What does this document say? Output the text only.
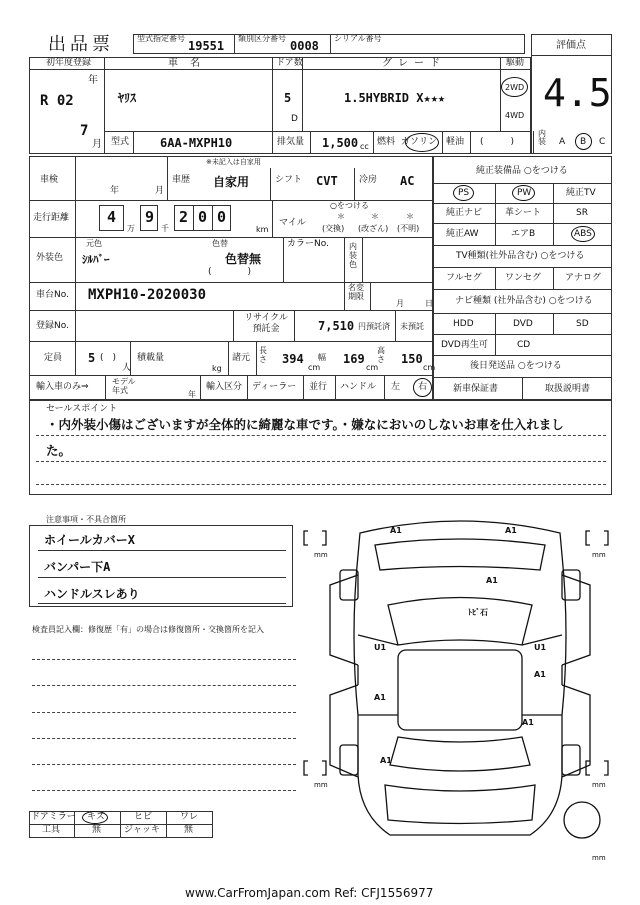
出品票	型式指定番号
19551
類別区分番号
0008
シリアル番号
評価点
4.5
初年度登録
年
R 02
7
月
車名
ﾔﾘｽ
ドア数
5
D
グレード
1.5HYBRID X★★★
駆動
2WD
4WD
型式	6AA-MXPH10	排気量 1,500 cc 燃料 ガソリン 軽油 (　　　)
内装 A B C
車検
年	月
車歴
※未記入は自家用
自家用	シフト CVT 冷房 AC
走行距離	4
万
9
千
2 0 0
km
○をつける
マイル
＊	＊	＊
(交換) (改ざん) (不明)
外装色
元色
ｼﾙﾊﾞｰ
色替
色替無
(　　　　)
カラーNo.	内装色
車台No. MXPH10-2020030	名変期限
月	日
登録No.
リサイクル預託金	7,510 円預託済 未預託
定員 5 (　)
人
積載量
kg
諸元
長さ 394
cm
幅 169
cm
高さ 150
cm
輸入車のみ⇒
モデル年式	年
輸入区分 ディーラー 並行 ハンドル 左 右
純正装備品 ○をつける
PS	PW	純正TV
純正ナビ	革シート	SR
純正AW	エアB	ABS
TV種類(社外品含む) ○をつける
フルセグ	ワンセグ	アナログ
ナビ種類 (社外品含む) ○をつける
HDD	DVD	SD
DVD再生可	CD
後日発送品 ○をつける
新車保証書	取扱説明書
セールスポイント
・内外装小傷はございますが全体的に綺麗な車です。・嫌なにおいのしないお車を仕入れまし
た。
注意事項・不具合箇所
ホイールカバーX
バンパー下A
ハンドルスレあり
検査員記入欄：修復歴「有」の場合は修復箇所・交換箇所を記入
ドアミラー キズ	ヒビ	ワレ
工具	無	ジャッキ	無
A1	A1
A1
ﾄﾋﾞ石
U1	U1
A1
A1
A1
A1
mm	mm
mm	mm
mm
www.CarFromJapan.com Ref: CFJ1556977
